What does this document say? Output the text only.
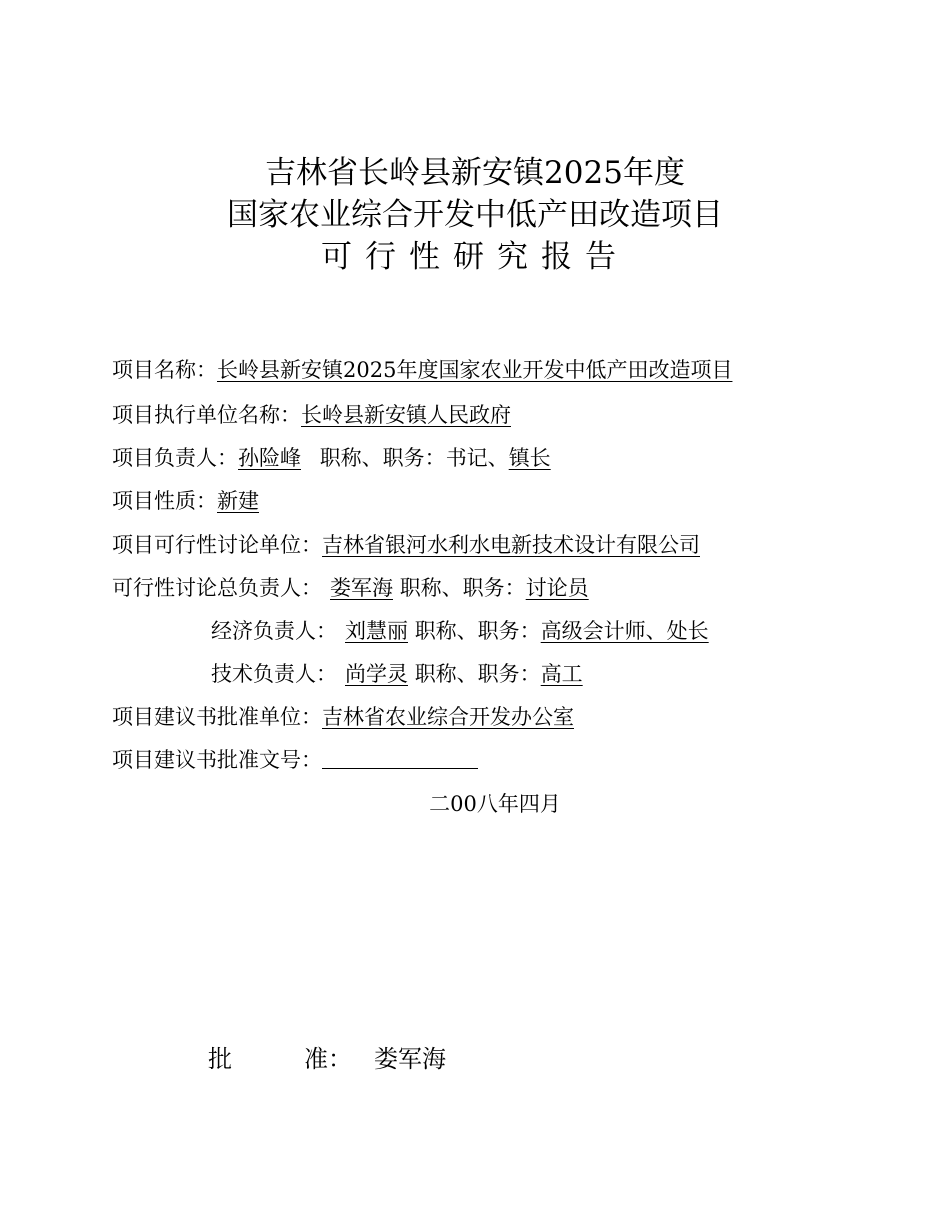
吉林省长岭县新安镇2025年度
国家农业综合开发中低产田改造项目
可行性研究报告
项目名称：长岭县新安镇2025年度国家农业开发中低产田改造项目
项目执行单位名称：长岭县新安镇人民政府
项目负责人：孙险峰 职称、职务：书记、镇长
项目性质：新建
项目可行性讨论单位：吉林省银河水利水电新技术设计有限公司
可行性讨论总负责人： 娄军海 职称、职务：讨论员
经济负责人： 刘慧丽 职称、职务：高级会计师、处长
技术负责人： 尚学灵 职称、职务：高工
项目建议书批准单位：吉林省农业综合开发办公室
项目建议书批准文号：
二00八年四月
批	准： 娄军海
